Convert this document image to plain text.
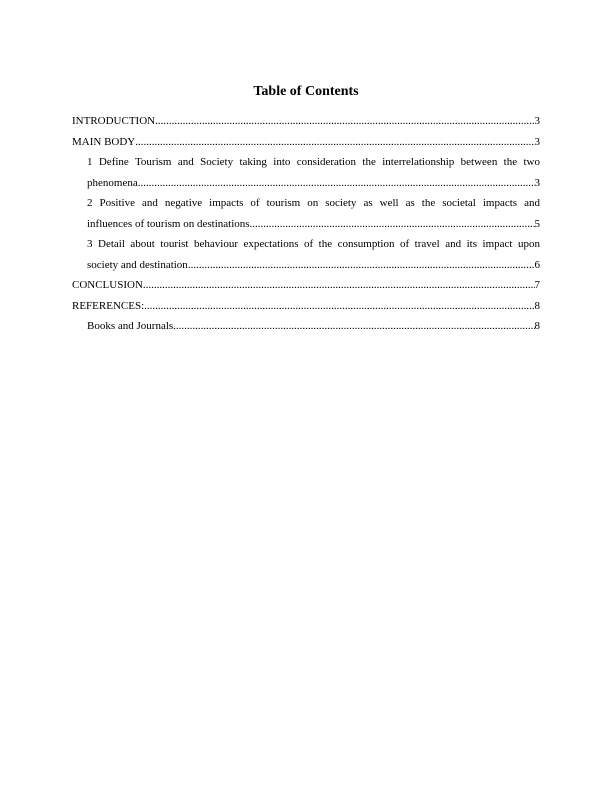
Table of Contents
INTRODUCTION .....	3
MAIN BODY .....	3
1 Define Tourism and Society taking into consideration the interrelationship between the two
phenomena .....	3
2 Positive and negative impacts of tourism on society as well as the societal impacts and
influences of tourism on destinations .....	5
3 Detail about tourist behaviour expectations of the consumption of travel and its impact upon
society and destination .....	6
CONCLUSION .....	7
REFERENCES: .....	8
Books and Journals .....	8
